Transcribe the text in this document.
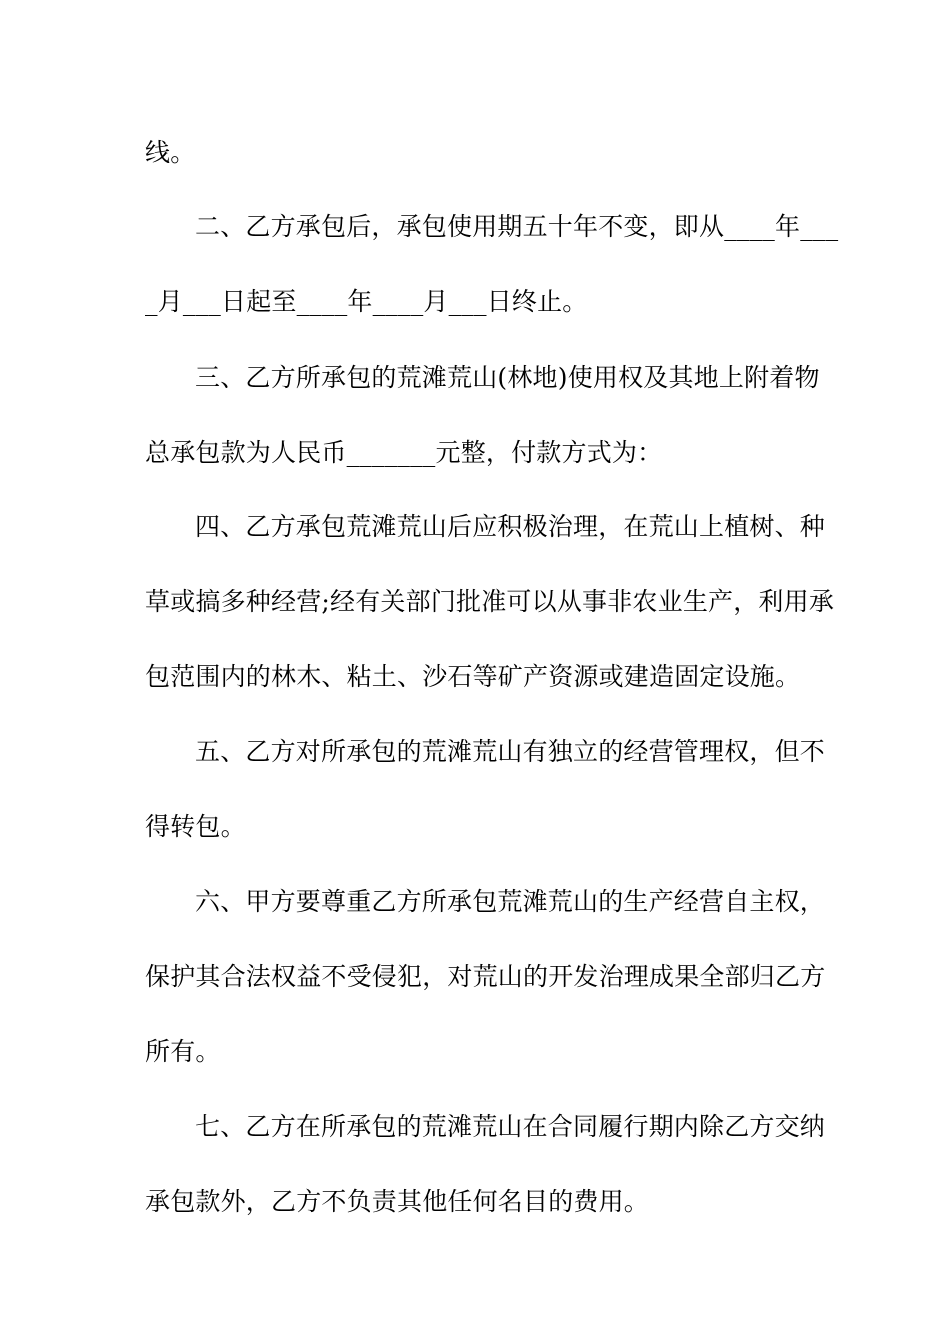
线。
二、乙方承包后，承包使用期五十年不变，即从____年___
_月___日起至____年____月___日终止。
三、乙方所承包的荒滩荒山(林地)使用权及其地上附着物
总承包款为人民币_______元整，付款方式为：
四、乙方承包荒滩荒山后应积极治理，在荒山上植树、种
草或搞多种经营;经有关部门批准可以从事非农业生产，利用承
包范围内的林木、粘土、沙石等矿产资源或建造固定设施。
五、乙方对所承包的荒滩荒山有独立的经营管理权，但不
得转包。
六、甲方要尊重乙方所承包荒滩荒山的生产经营自主权，
保护其合法权益不受侵犯，对荒山的开发治理成果全部归乙方
所有。
七、乙方在所承包的荒滩荒山在合同履行期内除乙方交纳
承包款外，乙方不负责其他任何名目的费用。
